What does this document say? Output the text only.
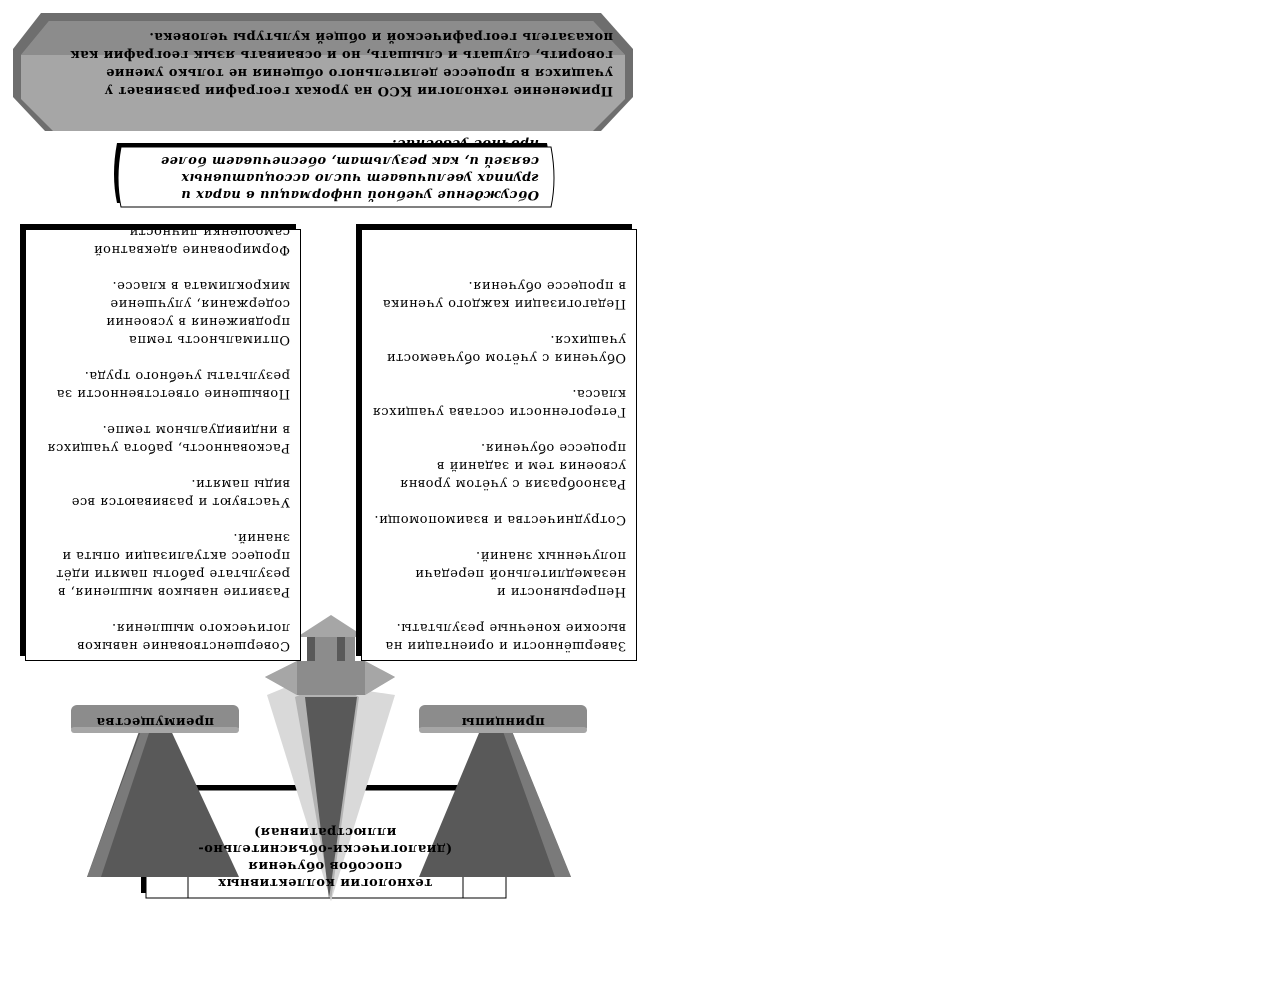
технологии коллективных способов обучения (диалогически-объяснительно-иллюстративная)
принципы
преимущества
Завершённости и ориентации на высокие конечные результаты.
Непрерывности и незамедлительной передачи полученных знаний.
Сотрудничества и взаимопомощи.
Разнообразия с учётом уровня усвоения тем и заданий в процессе обучения.
Гетерогенности состава учащихся класса.
Обучения с учётом обучаемости учащихся.
Педагогизации каждого ученика в процессе обучения.
Совершенствование навыков логического мышления.
Развитие навыков мышления, в результате работы памяти идёт процесс актуализации опыта и знаний.
Участвуют и развиваются все виды памяти.
Раскованность, работа учащихся в индивидуальном темпе.
Повышение ответственности за результаты учебного труда.
Оптимальность темпа продвижения в усвоении содержания, улучшение микроклимата в классе.
Формирование адекватной самооценки личности.
Обсуждение учебной информации в парах и группах увеличивает число ассоциативных связей и, как результат, обеспечивает более прочное усвоение.
Применение технологии КСО на уроках географии развивает у учащихся в процессе делятельного общения не только умение говорить, слушать и слышать, но и осваивать язык географии как показатель географической и общей культуры человека.
